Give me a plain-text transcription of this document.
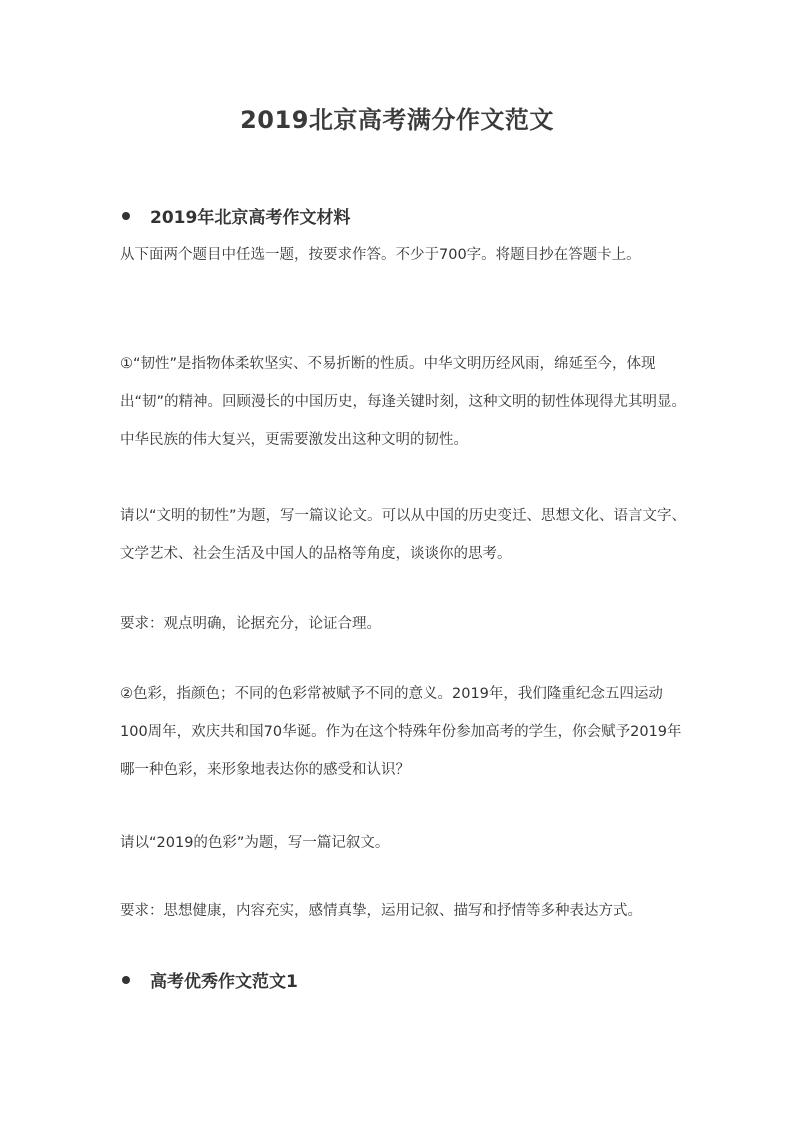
2019北京高考满分作文范文
2019年北京高考作文材料

从下面两个题目中任选一题，按要求作答。不少于700字。将题目抄在答题卡上。

①“韧性”是指物体柔软坚实、不易折断的性质。中华文明历经风雨，绵延至今，体现出“韧”的精神。回顾漫长的中国历史，每逢关键时刻，这种文明的韧性体现得尤其明显。中华民族的伟大复兴，更需要激发出这种文明的韧性。

请以“文明的韧性”为题，写一篇议论文。可以从中国的历史变迁、思想文化、语言文字、文学艺术、社会生活及中国人的品格等角度，谈谈你的思考。

要求：观点明确，论据充分，论证合理。

②色彩，指颜色；不同的色彩常被赋予不同的意义。2019年，我们隆重纪念五四运动100周年，欢庆共和国70华诞。作为在这个特殊年份参加高考的学生，你会赋予2019年哪一种色彩，来形象地表达你的感受和认识？

请以“2019的色彩”为题，写一篇记叙文。

要求：思想健康，内容充实，感情真挚，运用记叙、描写和抒情等多种表达方式。

高考优秀作文范文1
